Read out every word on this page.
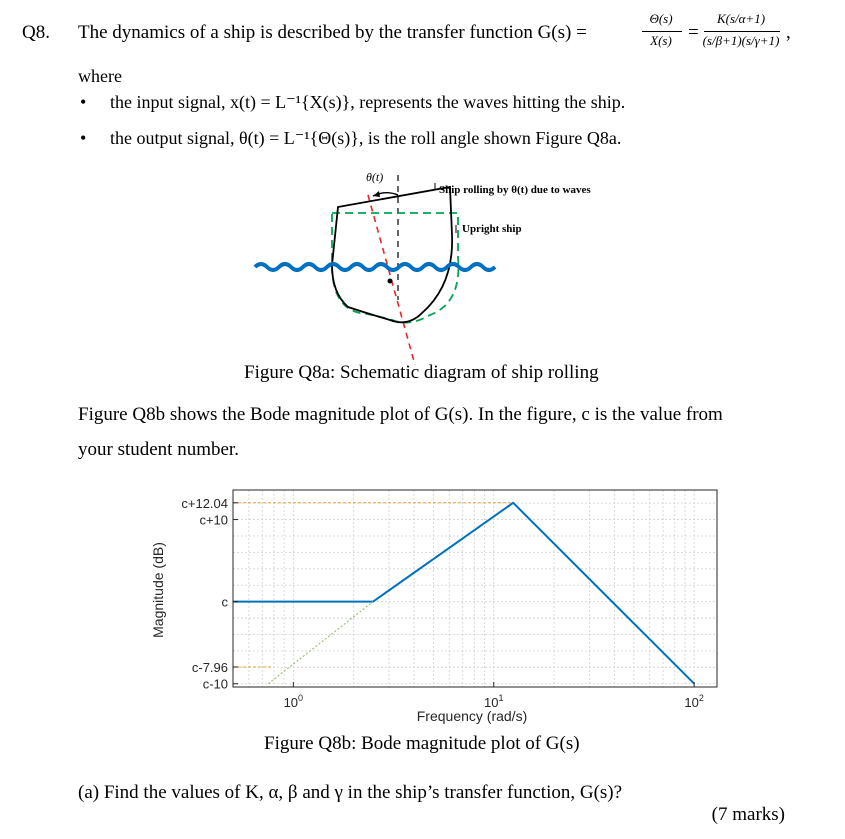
Q8. The dynamics of a ship is described by the transfer function G(s) =
Θ(s)
X(s) =
K(s/α+1)
(s/β+1)(s/γ+1) ,
where
• the input signal, x(t) = L⁻¹{X(s)}, represents the waves hitting the ship.
• the output signal, θ(t) = L⁻¹{Θ(s)}, is the roll angle shown Figure Q8a.
θ(t)
Ship rolling by θ(t) due to waves
Upright ship
Figure Q8a: Schematic diagram of ship rolling
Figure Q8b shows the Bode magnitude plot of G(s). In the figure, c is the value from
your student number.
c+12.04
c+10
c
c-7.96
c-10
$10^0$	$10^1$	$10^2$
Frequency (rad/s)
Magnitude (dB)
Figure Q8b: Bode magnitude plot of G(s)
(a) Find the values of K, α, β and γ in the ship’s transfer function, G(s)?
(7 marks)
